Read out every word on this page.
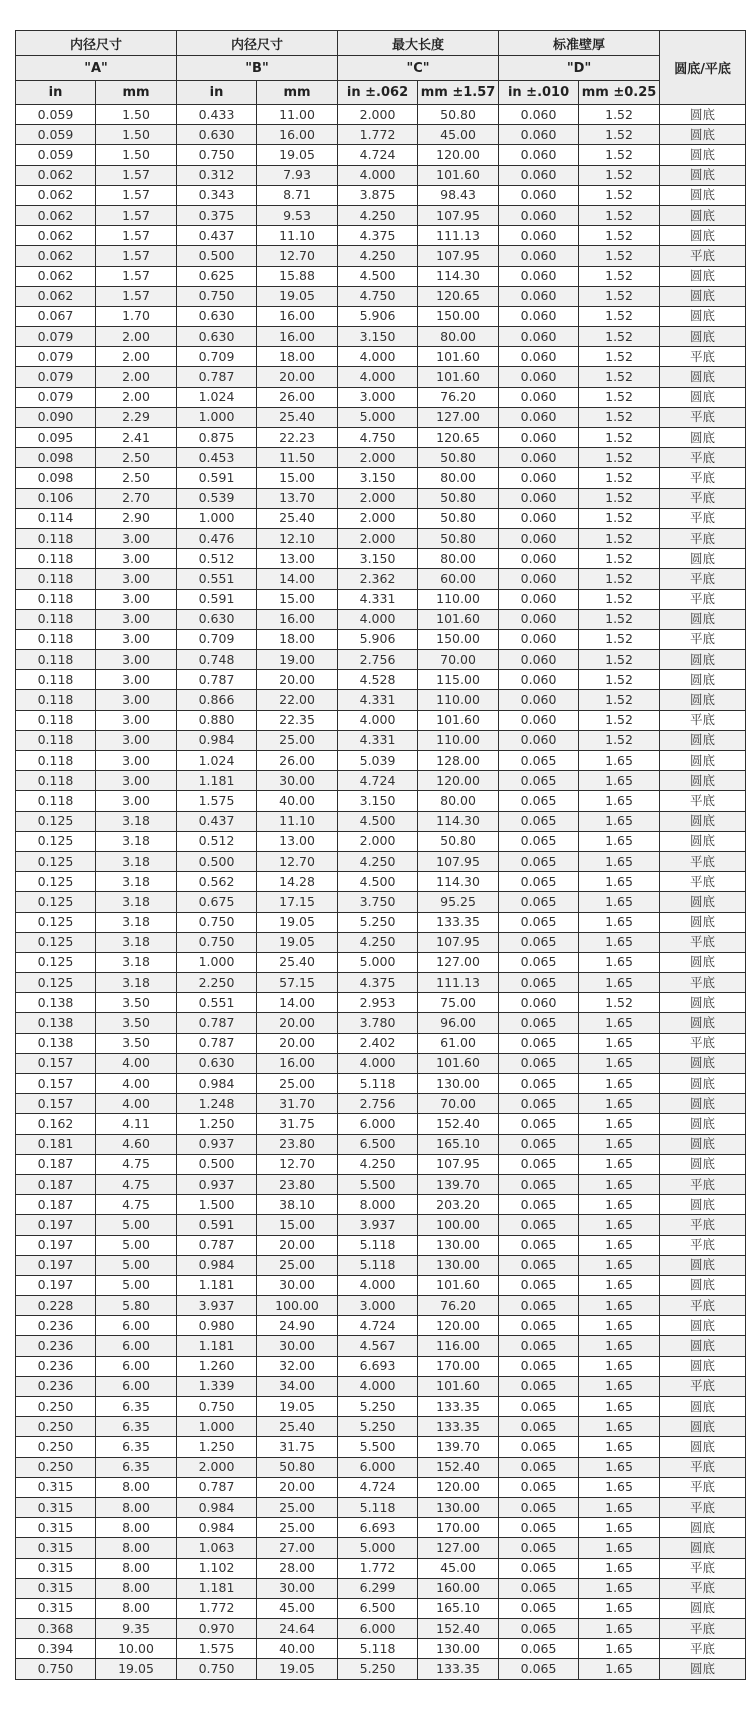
内径尺寸		内径尺寸		最大长度		标准壁厚		圆底/平底
"A"		"B"		"C"		"D"		
in	mm	in	mm	in ±.062	mm ±1.57	in ±.010	mm ±0.25	
0.059	1.50	0.433	11.00	2.000	50.80	0.060	1.52	圆底
0.059	1.50	0.630	16.00	1.772	45.00	0.060	1.52	圆底
0.059	1.50	0.750	19.05	4.724	120.00	0.060	1.52	圆底
0.062	1.57	0.312	7.93	4.000	101.60	0.060	1.52	圆底
0.062	1.57	0.343	8.71	3.875	98.43	0.060	1.52	圆底
0.062	1.57	0.375	9.53	4.250	107.95	0.060	1.52	圆底
0.062	1.57	0.437	11.10	4.375	111.13	0.060	1.52	圆底
0.062	1.57	0.500	12.70	4.250	107.95	0.060	1.52	平底
0.062	1.57	0.625	15.88	4.500	114.30	0.060	1.52	圆底
0.062	1.57	0.750	19.05	4.750	120.65	0.060	1.52	圆底
0.067	1.70	0.630	16.00	5.906	150.00	0.060	1.52	圆底
0.079	2.00	0.630	16.00	3.150	80.00	0.060	1.52	圆底
0.079	2.00	0.709	18.00	4.000	101.60	0.060	1.52	平底
0.079	2.00	0.787	20.00	4.000	101.60	0.060	1.52	圆底
0.079	2.00	1.024	26.00	3.000	76.20	0.060	1.52	圆底
0.090	2.29	1.000	25.40	5.000	127.00	0.060	1.52	平底
0.095	2.41	0.875	22.23	4.750	120.65	0.060	1.52	圆底
0.098	2.50	0.453	11.50	2.000	50.80	0.060	1.52	平底
0.098	2.50	0.591	15.00	3.150	80.00	0.060	1.52	平底
0.106	2.70	0.539	13.70	2.000	50.80	0.060	1.52	平底
0.114	2.90	1.000	25.40	2.000	50.80	0.060	1.52	平底
0.118	3.00	0.476	12.10	2.000	50.80	0.060	1.52	平底
0.118	3.00	0.512	13.00	3.150	80.00	0.060	1.52	圆底
0.118	3.00	0.551	14.00	2.362	60.00	0.060	1.52	平底
0.118	3.00	0.591	15.00	4.331	110.00	0.060	1.52	平底
0.118	3.00	0.630	16.00	4.000	101.60	0.060	1.52	圆底
0.118	3.00	0.709	18.00	5.906	150.00	0.060	1.52	平底
0.118	3.00	0.748	19.00	2.756	70.00	0.060	1.52	圆底
0.118	3.00	0.787	20.00	4.528	115.00	0.060	1.52	圆底
0.118	3.00	0.866	22.00	4.331	110.00	0.060	1.52	圆底
0.118	3.00	0.880	22.35	4.000	101.60	0.060	1.52	平底
0.118	3.00	0.984	25.00	4.331	110.00	0.060	1.52	圆底
0.118	3.00	1.024	26.00	5.039	128.00	0.065	1.65	圆底
0.118	3.00	1.181	30.00	4.724	120.00	0.065	1.65	圆底
0.118	3.00	1.575	40.00	3.150	80.00	0.065	1.65	平底
0.125	3.18	0.437	11.10	4.500	114.30	0.065	1.65	圆底
0.125	3.18	0.512	13.00	2.000	50.80	0.065	1.65	圆底
0.125	3.18	0.500	12.70	4.250	107.95	0.065	1.65	平底
0.125	3.18	0.562	14.28	4.500	114.30	0.065	1.65	平底
0.125	3.18	0.675	17.15	3.750	95.25	0.065	1.65	圆底
0.125	3.18	0.750	19.05	5.250	133.35	0.065	1.65	圆底
0.125	3.18	0.750	19.05	4.250	107.95	0.065	1.65	平底
0.125	3.18	1.000	25.40	5.000	127.00	0.065	1.65	圆底
0.125	3.18	2.250	57.15	4.375	111.13	0.065	1.65	平底
0.138	3.50	0.551	14.00	2.953	75.00	0.060	1.52	圆底
0.138	3.50	0.787	20.00	3.780	96.00	0.065	1.65	圆底
0.138	3.50	0.787	20.00	2.402	61.00	0.065	1.65	平底
0.157	4.00	0.630	16.00	4.000	101.60	0.065	1.65	圆底
0.157	4.00	0.984	25.00	5.118	130.00	0.065	1.65	圆底
0.157	4.00	1.248	31.70	2.756	70.00	0.065	1.65	圆底
0.162	4.11	1.250	31.75	6.000	152.40	0.065	1.65	圆底
0.181	4.60	0.937	23.80	6.500	165.10	0.065	1.65	圆底
0.187	4.75	0.500	12.70	4.250	107.95	0.065	1.65	圆底
0.187	4.75	0.937	23.80	5.500	139.70	0.065	1.65	平底
0.187	4.75	1.500	38.10	8.000	203.20	0.065	1.65	圆底
0.197	5.00	0.591	15.00	3.937	100.00	0.065	1.65	平底
0.197	5.00	0.787	20.00	5.118	130.00	0.065	1.65	平底
0.197	5.00	0.984	25.00	5.118	130.00	0.065	1.65	圆底
0.197	5.00	1.181	30.00	4.000	101.60	0.065	1.65	圆底
0.228	5.80	3.937	100.00	3.000	76.20	0.065	1.65	平底
0.236	6.00	0.980	24.90	4.724	120.00	0.065	1.65	圆底
0.236	6.00	1.181	30.00	4.567	116.00	0.065	1.65	圆底
0.236	6.00	1.260	32.00	6.693	170.00	0.065	1.65	圆底
0.236	6.00	1.339	34.00	4.000	101.60	0.065	1.65	平底
0.250	6.35	0.750	19.05	5.250	133.35	0.065	1.65	圆底
0.250	6.35	1.000	25.40	5.250	133.35	0.065	1.65	圆底
0.250	6.35	1.250	31.75	5.500	139.70	0.065	1.65	圆底
0.250	6.35	2.000	50.80	6.000	152.40	0.065	1.65	平底
0.315	8.00	0.787	20.00	4.724	120.00	0.065	1.65	平底
0.315	8.00	0.984	25.00	5.118	130.00	0.065	1.65	平底
0.315	8.00	0.984	25.00	6.693	170.00	0.065	1.65	圆底
0.315	8.00	1.063	27.00	5.000	127.00	0.065	1.65	圆底
0.315	8.00	1.102	28.00	1.772	45.00	0.065	1.65	平底
0.315	8.00	1.181	30.00	6.299	160.00	0.065	1.65	平底
0.315	8.00	1.772	45.00	6.500	165.10	0.065	1.65	圆底
0.368	9.35	0.970	24.64	6.000	152.40	0.065	1.65	平底
0.394	10.00	1.575	40.00	5.118	130.00	0.065	1.65	平底
0.750	19.05	0.750	19.05	5.250	133.35	0.065	1.65	圆底
